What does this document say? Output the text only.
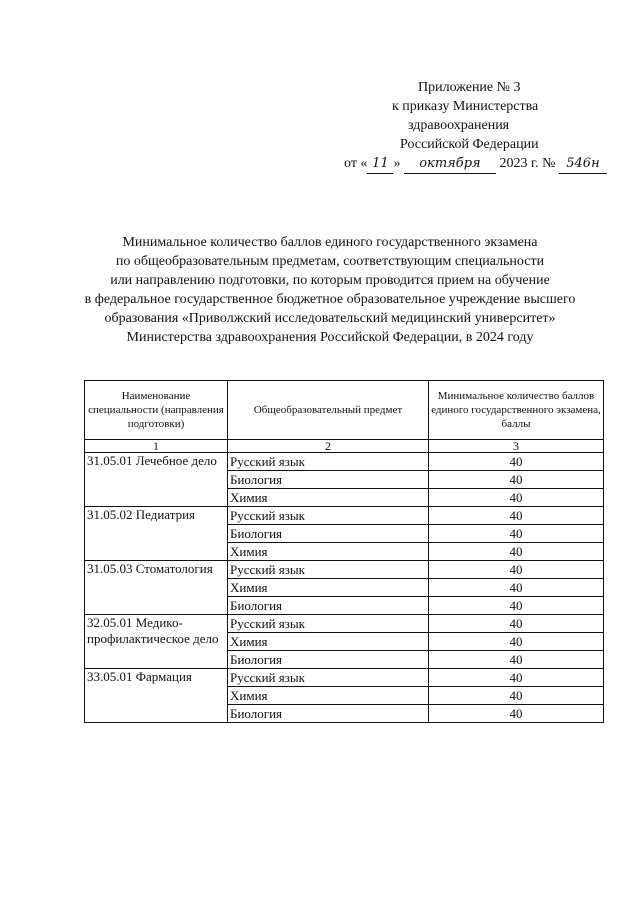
Приложение № 3
к приказу Министерства
здравоохранения
Российской Федерации
от « 11 » октября 2023 г. № 546н
Минимальное количество баллов единого государственного экзамена
по общеобразовательным предметам, соответствующим специальности
или направлению подготовки, по которым проводится прием на обучение
в федеральное государственное бюджетное образовательное учреждение высшего
образования «Приволжский исследовательский медицинский университет»
Министерства здравоохранения Российской Федерации, в 2024 году
Наименование специальности (направления подготовки)	Общеобразовательный предмет	Минимальное количество баллов единого государственного экзамена, баллы
1	2	3
31.05.01 Лечебное дело	Русский язык	40
	Биология	40
	Химия	40
31.05.02 Педиатрия	Русский язык	40
	Биология	40
	Химия	40
31.05.03 Стоматология	Русский язык	40
	Химия	40
	Биология	40
32.05.01 Медико-профилактическое дело	Русский язык	40
	Химия	40
	Биология	40
33.05.01 Фармация	Русский язык	40
	Химия	40
	Биология	40
